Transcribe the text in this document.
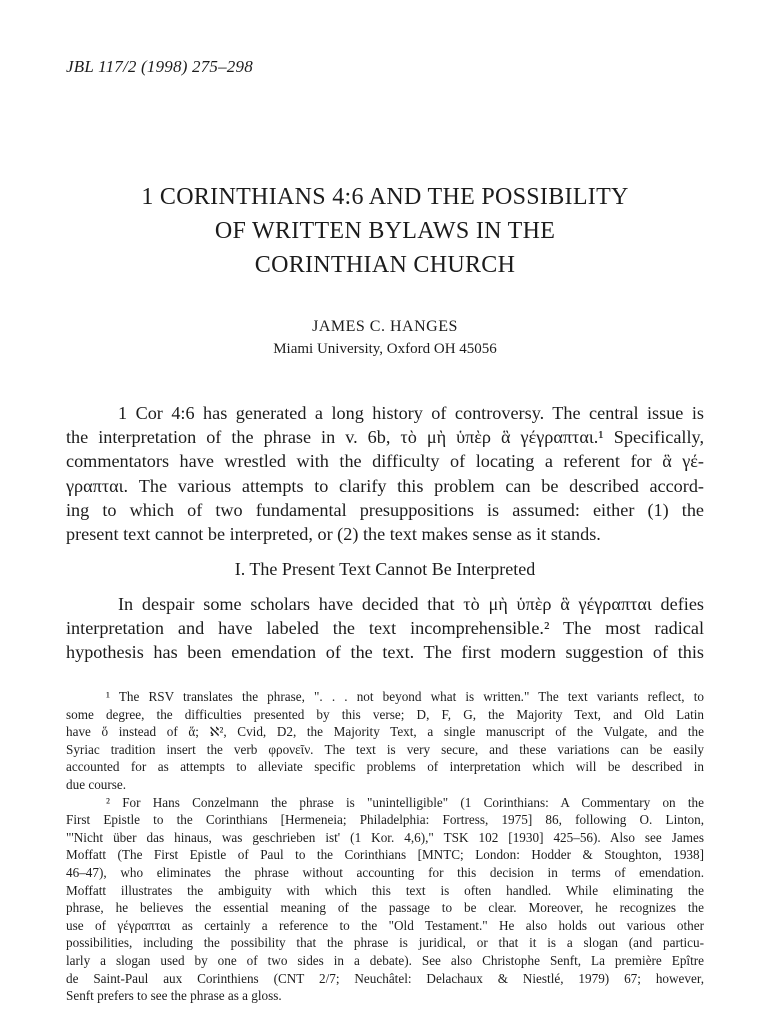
JBL 117/2 (1998) 275–298
1 CORINTHIANS 4:6 AND THE POSSIBILITY
OF WRITTEN BYLAWS IN THE
CORINTHIAN CHURCH
JAMES C. HANGES
Miami University, Oxford OH 45056

1 Cor 4:6 has generated a long history of controversy. The central issue is
the interpretation of the phrase in v. 6b, τὸ μὴ ὑπὲρ ἃ γέγραπται.¹ Specifically,
commentators have wrestled with the difficulty of locating a referent for ἃ γέ-
γραπται. The various attempts to clarify this problem can be described accord-
ing to which of two fundamental presuppositions is assumed: either (1) the
present text cannot be interpreted, or (2) the text makes sense as it stands.

I. The Present Text Cannot Be Interpreted

In despair some scholars have decided that τὸ μὴ ὑπὲρ ἃ γέγραπται defies
interpretation and have labeled the text incomprehensible.² The most radical
hypothesis has been emendation of the text. The first modern suggestion of this

¹ The RSV translates the phrase, ". . . not beyond what is written." The text variants reflect, to
some degree, the difficulties presented by this verse; D, F, G, the Majority Text, and Old Latin
have ὅ instead of ἅ; ℵ², Cvid, D2, the Majority Text, a single manuscript of the Vulgate, and the
Syriac tradition insert the verb φρονεῖν. The text is very secure, and these variations can be easily
accounted for as attempts to alleviate specific problems of interpretation which will be described in
due course.

² For Hans Conzelmann the phrase is "unintelligible" (1 Corinthians: A Commentary on the
First Epistle to the Corinthians [Hermeneia; Philadelphia: Fortress, 1975] 86, following O. Linton,
"'Nicht über das hinaus, was geschrieben ist' (1 Kor. 4,6)," TSK 102 [1930] 425–56). Also see James
Moffatt (The First Epistle of Paul to the Corinthians [MNTC; London: Hodder & Stoughton, 1938]
46–47), who eliminates the phrase without accounting for this decision in terms of emendation.
Moffatt illustrates the ambiguity with which this text is often handled. While eliminating the
phrase, he believes the essential meaning of the passage to be clear. Moreover, he recognizes the
use of γέγραπται as certainly a reference to the "Old Testament." He also holds out various other
possibilities, including the possibility that the phrase is juridical, or that it is a slogan (and particu-
larly a slogan used by one of two sides in a debate). See also Christophe Senft, La première Epître
de Saint-Paul aux Corinthiens (CNT 2/7; Neuchâtel: Delachaux & Niestlé, 1979) 67; however,
Senft prefers to see the phrase as a gloss.
